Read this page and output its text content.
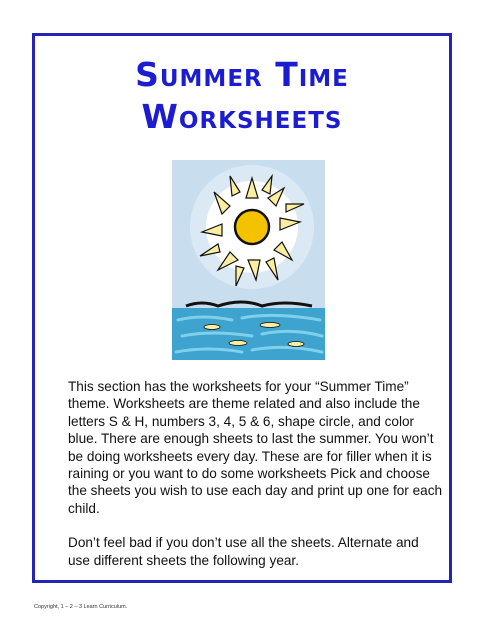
Summer Time
Worksheets

This section has the worksheets for your “Summer Time” theme. Worksheets are theme related and also include the letters S & H, numbers 3, 4, 5 & 6, shape circle, and color blue. There are enough sheets to last the summer. You won’t be doing worksheets every day. These are for filler when it is raining or you want to do some worksheets Pick and choose the sheets you wish to use each day and print up one for each child.

Don’t feel bad if you don’t use all the sheets. Alternate and use different sheets the following year.

Copyright, 1 – 2 – 3 Learn Curriculum.
